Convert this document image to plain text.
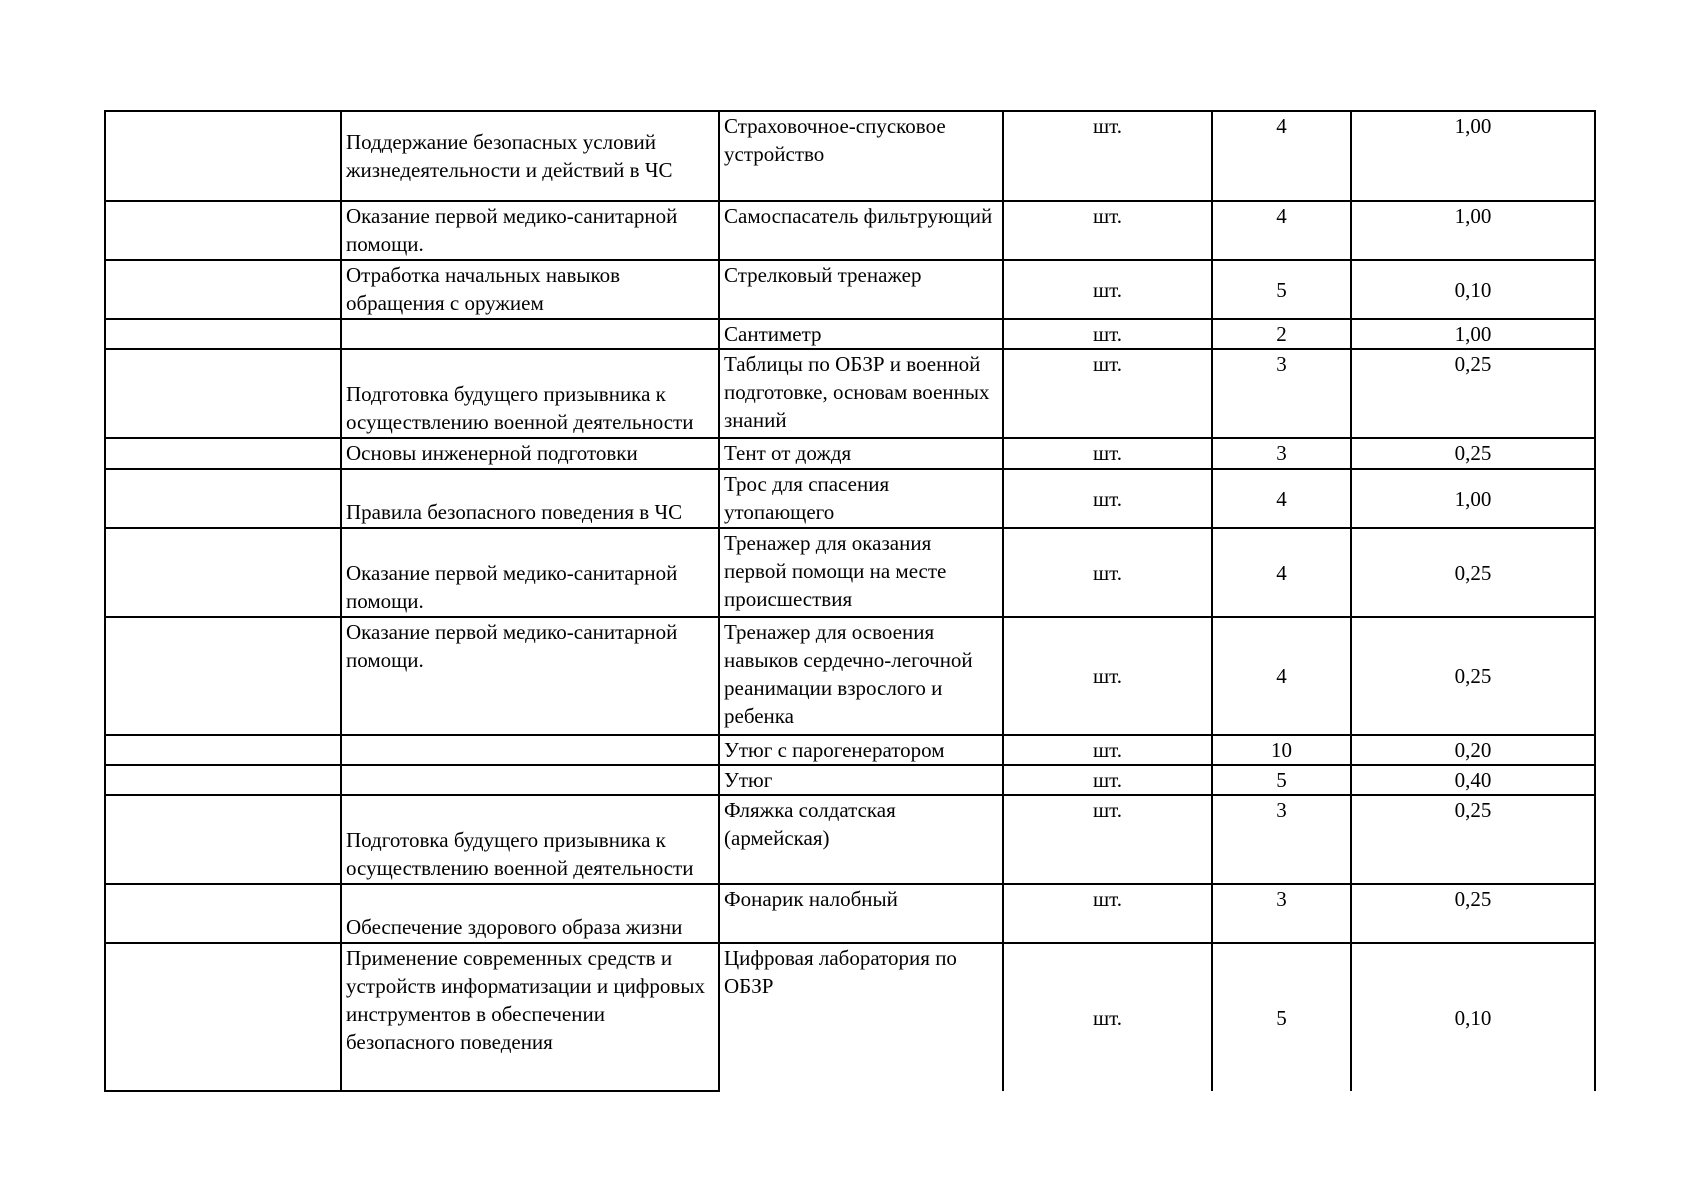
	Поддержание безопасных условий жизнедеятельности и действий в ЧС	Страховочное-спусковое устройство	шт.	4	1,00
	Оказание первой медико-санитарной помощи.	Самоспасатель фильтрующий	шт.	4	1,00
	Отработка начальных навыков обращения с оружием	Стрелковый тренажер	шт.	5	0,10
		Сантиметр	шт.	2	1,00
	Подготовка будущего призывника к осуществлению военной деятельности	Таблицы по ОБЗР и военной подготовке, основам военных знаний	шт.	3	0,25
	Основы инженерной подготовки	Тент от дождя	шт.	3	0,25
	Правила безопасного поведения в ЧС	Трос для спасения утопающего	шт.	4	1,00
	Оказание первой медико-санитарной помощи.	Тренажер для оказания первой помощи на месте происшествия	шт.	4	0,25
	Оказание первой медико-санитарной помощи.	Тренажер для освоения навыков сердечно-легочной реанимации взрослого и ребенка	шт.	4	0,25
		Утюг с парогенератором	шт.	10	0,20
		Утюг	шт.	5	0,40
	Подготовка будущего призывника к осуществлению военной деятельности	Фляжка солдатская (армейская)	шт.	3	0,25
	Обеспечение здорового образа жизни	Фонарик налобный	шт.	3	0,25
	Применение современных средств и устройств информатизации и цифровых инструментов в обеспечении безопасного поведения	Цифровая лаборатория по ОБЗР	шт.	5	0,10
